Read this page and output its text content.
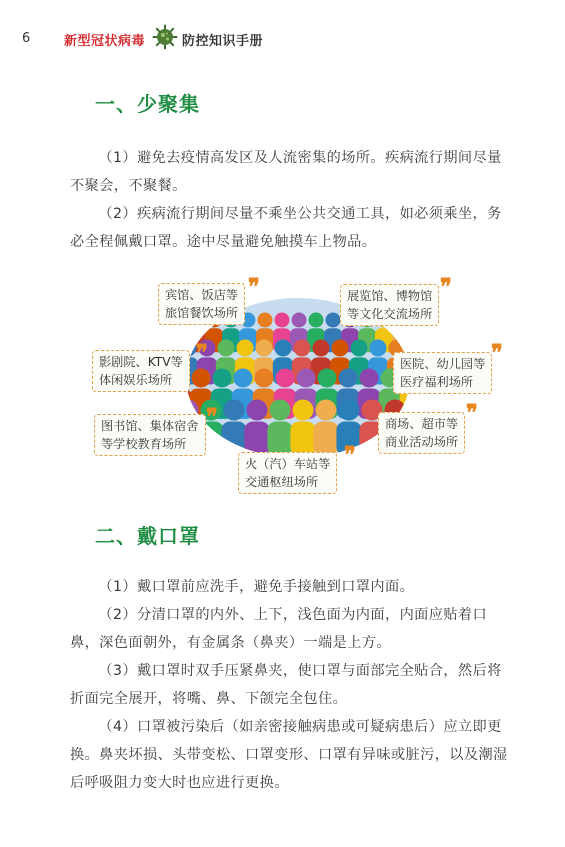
6	新型冠状病毒	防控知识手册
一、少聚集
（1）避免去疫情高发区及人流密集的场所。疾病流行期间尽量不聚会，不聚餐。
（2）疾病流行期间尽量不乘坐公共交通工具，如必须乘坐，务必全程佩戴口罩。途中尽量避免触摸车上物品。
宾馆、饭店等
旅馆餐饮场所
❞	展览馆、博物馆
等文化交流场所
❞
影剧院、KTV等
体闲娱乐场所
❞	医院、幼儿园等
医疗福利场所
❞
图书馆、集体宿舍
等学校教育场所
❞	商场、超市等
商业活动场所
❞
火（汽）车站等
交通枢纽场所
❞
二、戴口罩
（1）戴口罩前应洗手，避免手接触到口罩内面。
（2）分清口罩的内外、上下，浅色面为内面，内面应贴着口鼻，深色面朝外，有金属条（鼻夹）一端是上方。
（3）戴口罩时双手压紧鼻夹，使口罩与面部完全贴合，然后将折面完全展开，将嘴、鼻、下颌完全包住。
（4）口罩被污染后（如亲密接触病患或可疑病患后）应立即更换。鼻夹坏损、头带变松、口罩变形、口罩有异味或脏污，以及潮湿后呼吸阻力变大时也应进行更换。
